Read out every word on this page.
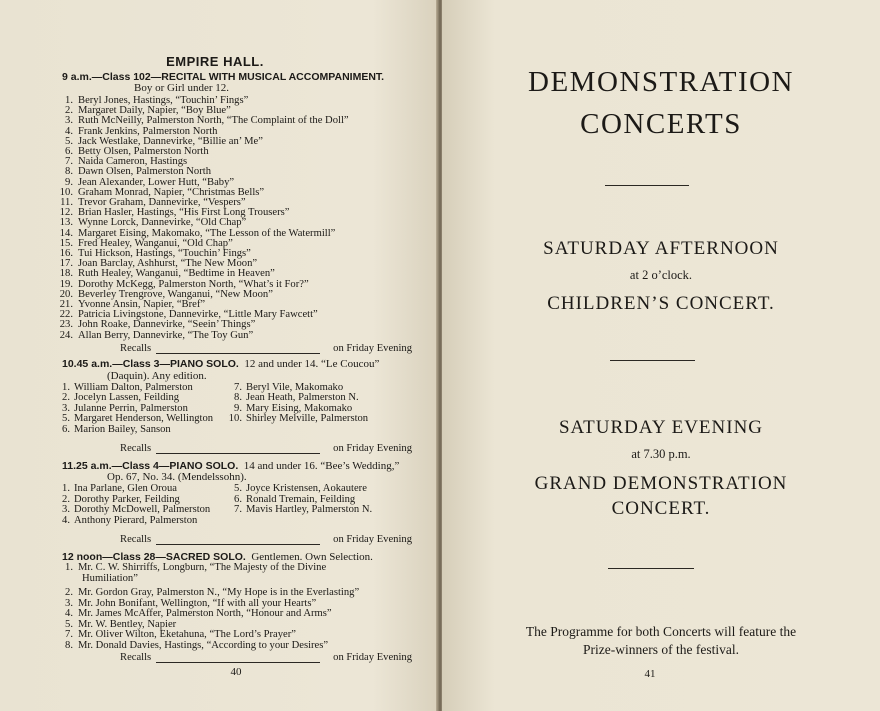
EMPIRE HALL.
9 a.m.—Class 102—RECITAL WITH MUSICAL ACCOMPANIMENT.
Boy or Girl under 12.
1. Beryl Jones, Hastings, “Touchin’ Fings”
2. Margaret Daily, Napier, “Boy Blue”
3. Ruth McNeilly, Palmerston North, “The Complaint of the Doll”
4. Frank Jenkins, Palmerston North
5. Jack Westlake, Dannevirke, “Billie an’ Me”
6. Betty Olsen, Palmerston North
7. Naida Cameron, Hastings
8. Dawn Olsen, Palmerston North
9. Jean Alexander, Lower Hutt, “Baby”
10. Graham Monrad, Napier, “Christmas Bells”
11. Trevor Graham, Dannevirke, “Vespers”
12. Brian Hasler, Hastings, “His First Long Trousers”
13. Wynne Lorck, Dannevirke, “Old Chap”
14. Margaret Eising, Makomako, “The Lesson of the Watermill”
15. Fred Healey, Wanganui, “Old Chap”
16. Tui Hickson, Hastings, “Touchin’ Fings”
17. Joan Barclay, Ashhurst, “The New Moon”
18. Ruth Healey, Wanganui, “Bedtime in Heaven”
19. Dorothy McKegg, Palmerston North, “What’s it For?”
20. Beverley Trengrove, Wanganui, “New Moon”
21. Yvonne Ansin, Napier, “Bref”
22. Patricia Livingstone, Dannevirke, “Little Mary Fawcett”
23. John Roake, Dannevirke, “Seein’ Things”
24. Allan Berry, Dannevirke, “The Toy Gun”
Recalls	on Friday Evening
10.45 a.m.—Class 3—PIANO SOLO. 12 and under 14. “Le Coucou”
(Daquin). Any edition.
1. William Dalton, Palmerston
2. Jocelyn Lassen, Feilding
3. Julanne Perrin, Palmerston
5. Margaret Henderson, Wellington
6. Marion Bailey, Sanson
7. Beryl Vile, Makomako
8. Jean Heath, Palmerston N.
9. Mary Eising, Makomako
10. Shirley Melville, Palmerston
Recalls	on Friday Evening
11.25 a.m.—Class 4—PIANO SOLO. 14 and under 16. “Bee’s Wedding,”
Op. 67, No. 34. (Mendelssohn).
1. Ina Parlane, Glen Oroua
2. Dorothy Parker, Feilding
3. Dorothy McDowell, Palmerston
4. Anthony Pierard, Palmerston
5. Joyce Kristensen, Aokautere
6. Ronald Tremain, Feilding
7. Mavis Hartley, Palmerston N.
Recalls	on Friday Evening
12 noon—Class 28—SACRED SOLO. Gentlemen. Own Selection.
1. Mr. C. W. Shirriffs, Longburn, “The Majesty of the Divine
Humiliation”
2. Mr. Gordon Gray, Palmerston N., “My Hope is in the Everlasting”
3. Mr. John Bonifant, Wellington, “If with all your Hearts”
4. Mr. James McAffer, Palmerston North, “Honour and Arms”
5. Mr. W. Bentley, Napier
7. Mr. Oliver Wilton, Eketahuna, “The Lord’s Prayer”
8. Mr. Donald Davies, Hastings, “According to your Desires”
Recalls	on Friday Evening
40
DEMONSTRATION
CONCERTS
SATURDAY AFTERNOON
at 2 o’clock.
CHILDREN’S CONCERT.
SATURDAY EVENING
at 7.30 p.m.
GRAND DEMONSTRATION
CONCERT.
The Programme for both Concerts will feature the
Prize-winners of the festival.
41
